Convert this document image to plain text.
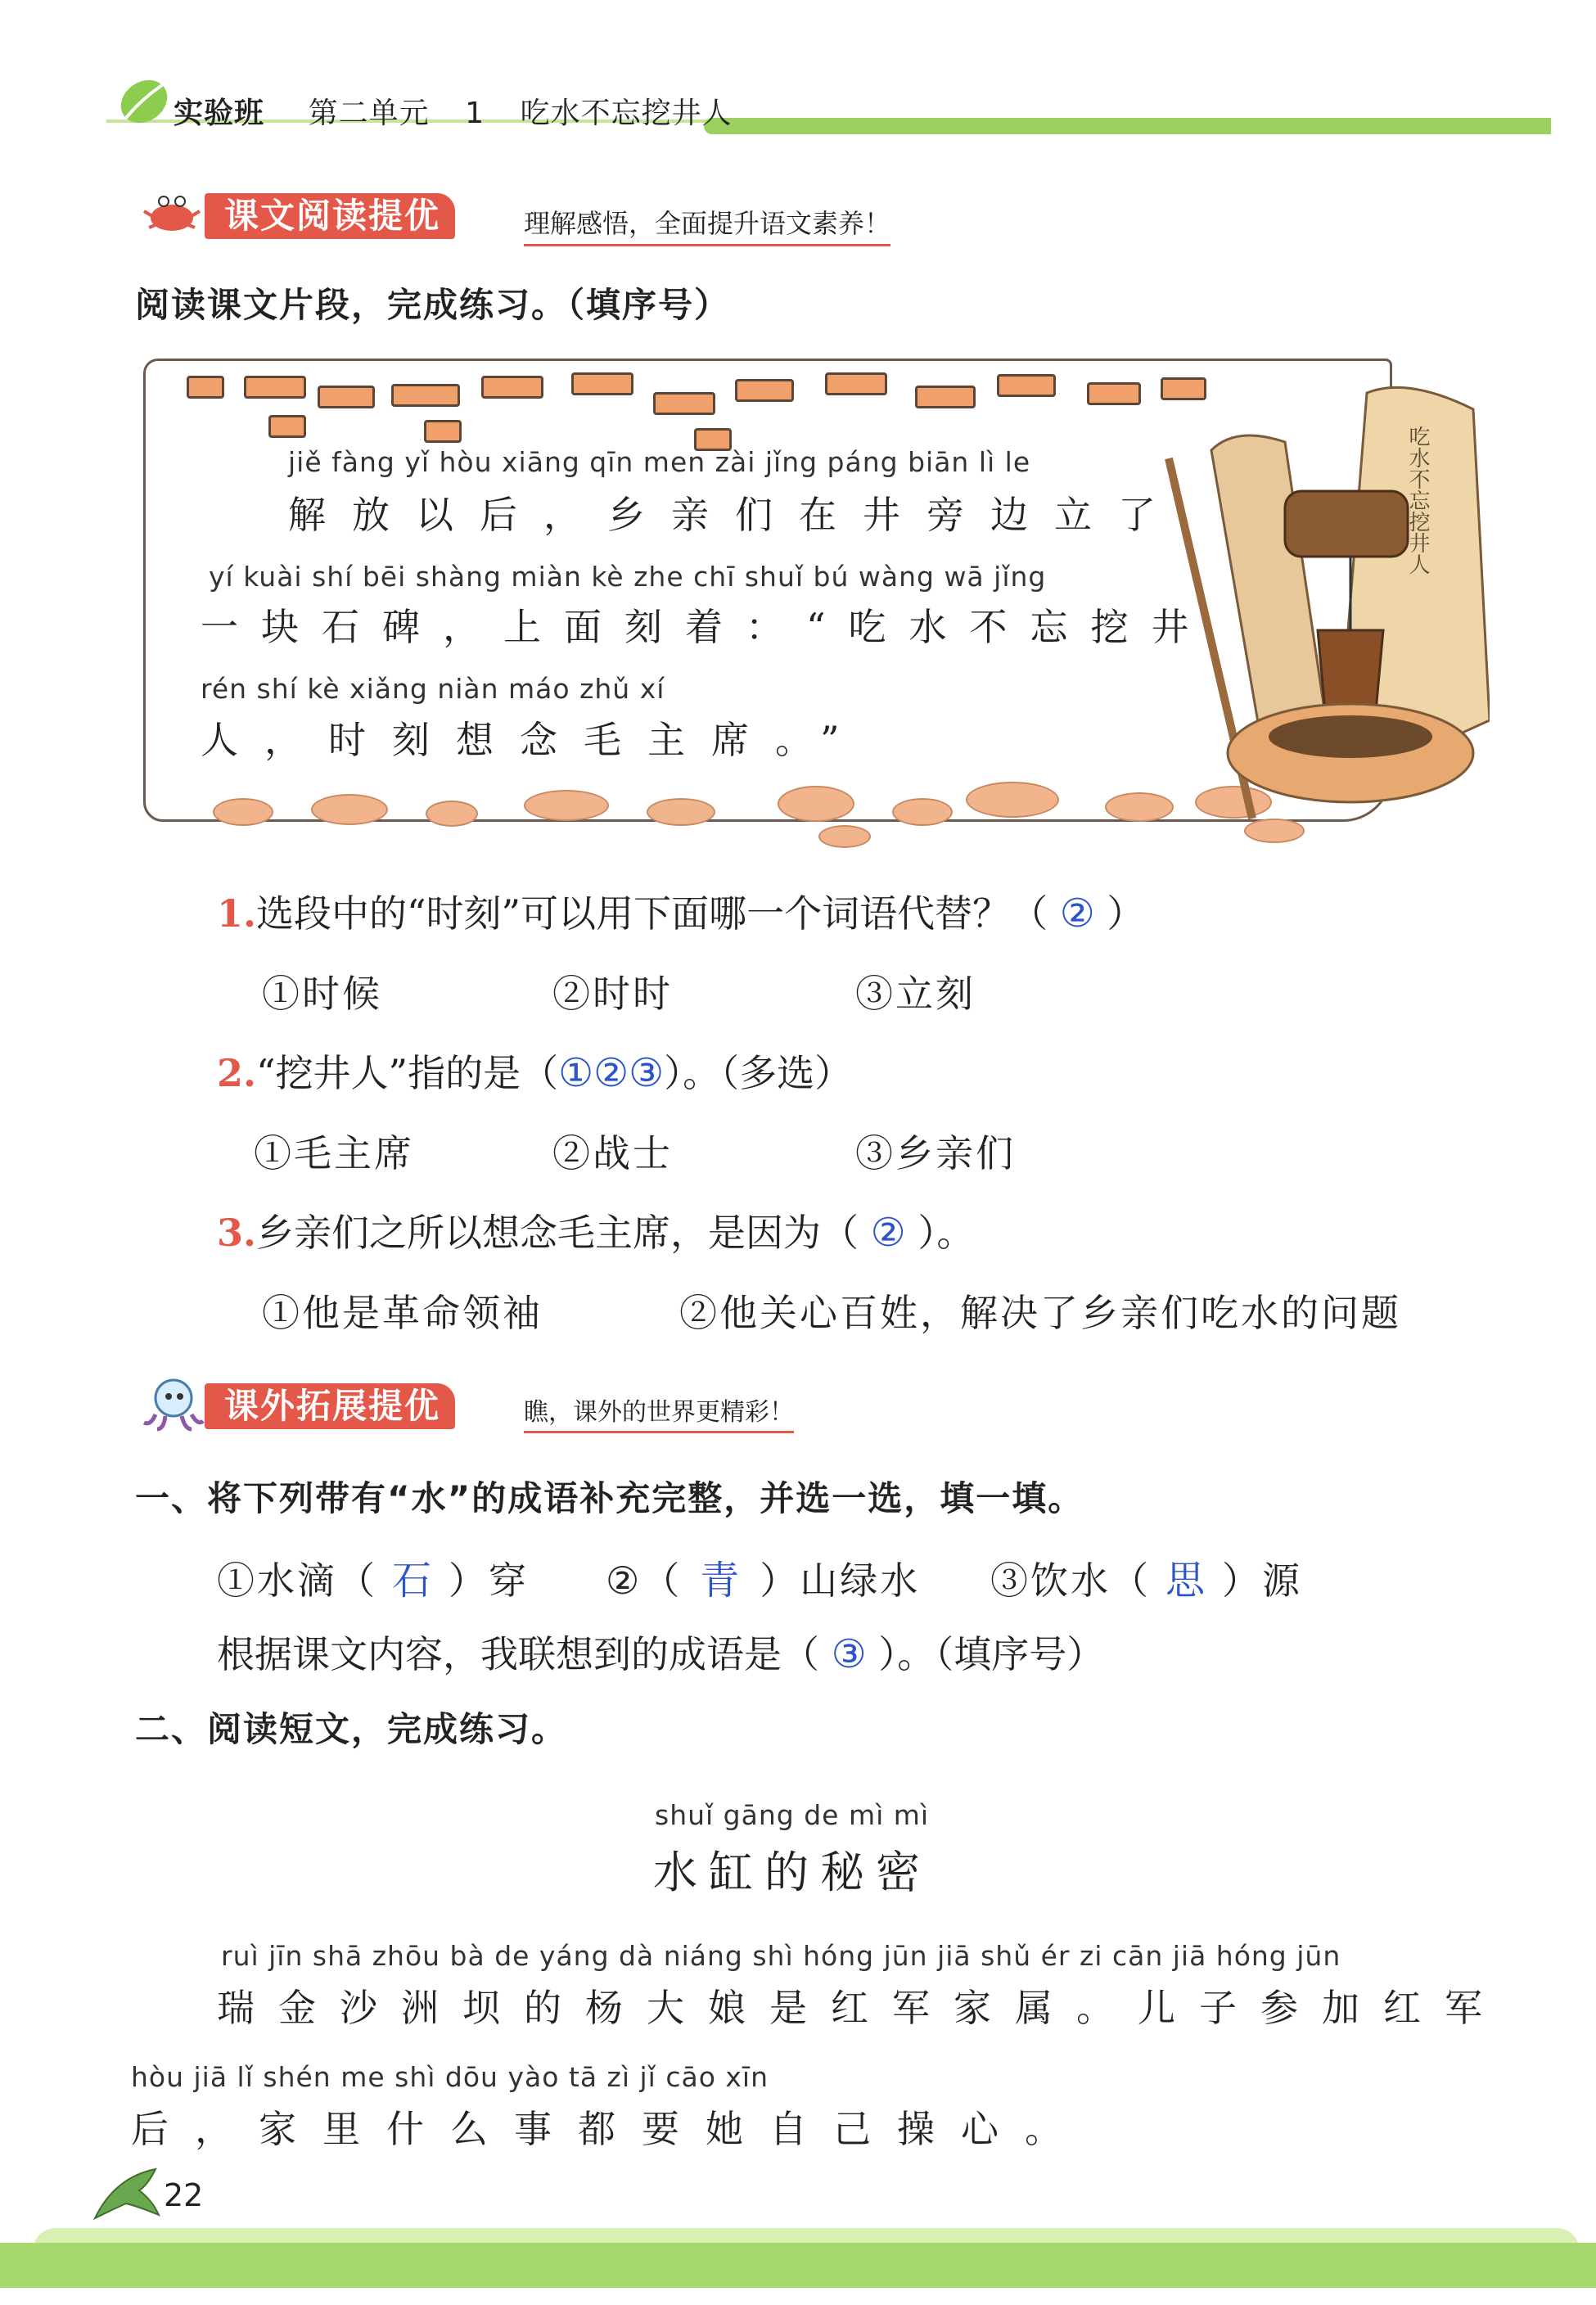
实验班 第二单元 1 吃水不忘挖井人
课文阅读提优	理解感悟，全面提升语文素养！
阅读课文片段，完成练习。（填序号）
吃水不忘挖井人
jiě fàng yǐ hòu xiāng qīn men zài jǐng páng biān lì le
解放以后，乡亲们在井旁边立了
yí kuài shí bēi shàng miàn kè zhe chī shuǐ bú wàng wā jǐng
一块石碑，上面刻着：“吃水不忘挖井
rén shí kè xiǎng niàn máo zhǔ xí
人，时刻想念毛主席。”
1.选段中的“时刻”可以用下面哪一个词语代替？（ ② ）
①时候	②时时	③立刻
2.“挖井人”指的是（①②③）。（多选）
①毛主席	②战士	③乡亲们
3.乡亲们之所以想念毛主席，是因为（ ② ）。
①他是革命领袖	②他关心百姓，解决了乡亲们吃水的问题
课外拓展提优	瞧，课外的世界更精彩！
一、将下列带有“水”的成语补充完整，并选一选，填一填。
①水滴（ 石 ）穿 ②（ 青 ）山绿水 ③饮水（ 思 ）源
根据课文内容，我联想到的成语是（ ③ ）。（填序号）
二、阅读短文，完成练习。
shuǐ gāng de mì mì
水缸的秘密
ruì jīn shā zhōu bà de yáng dà niáng shì hóng jūn jiā shǔ ér zi cān jiā hóng jūn
瑞金沙洲坝的杨大娘是红军家属。儿子参加红军
hòu jiā lǐ shén me shì dōu yào tā zì jǐ cāo xīn
后，家里什么事都要她自己操心。
22
